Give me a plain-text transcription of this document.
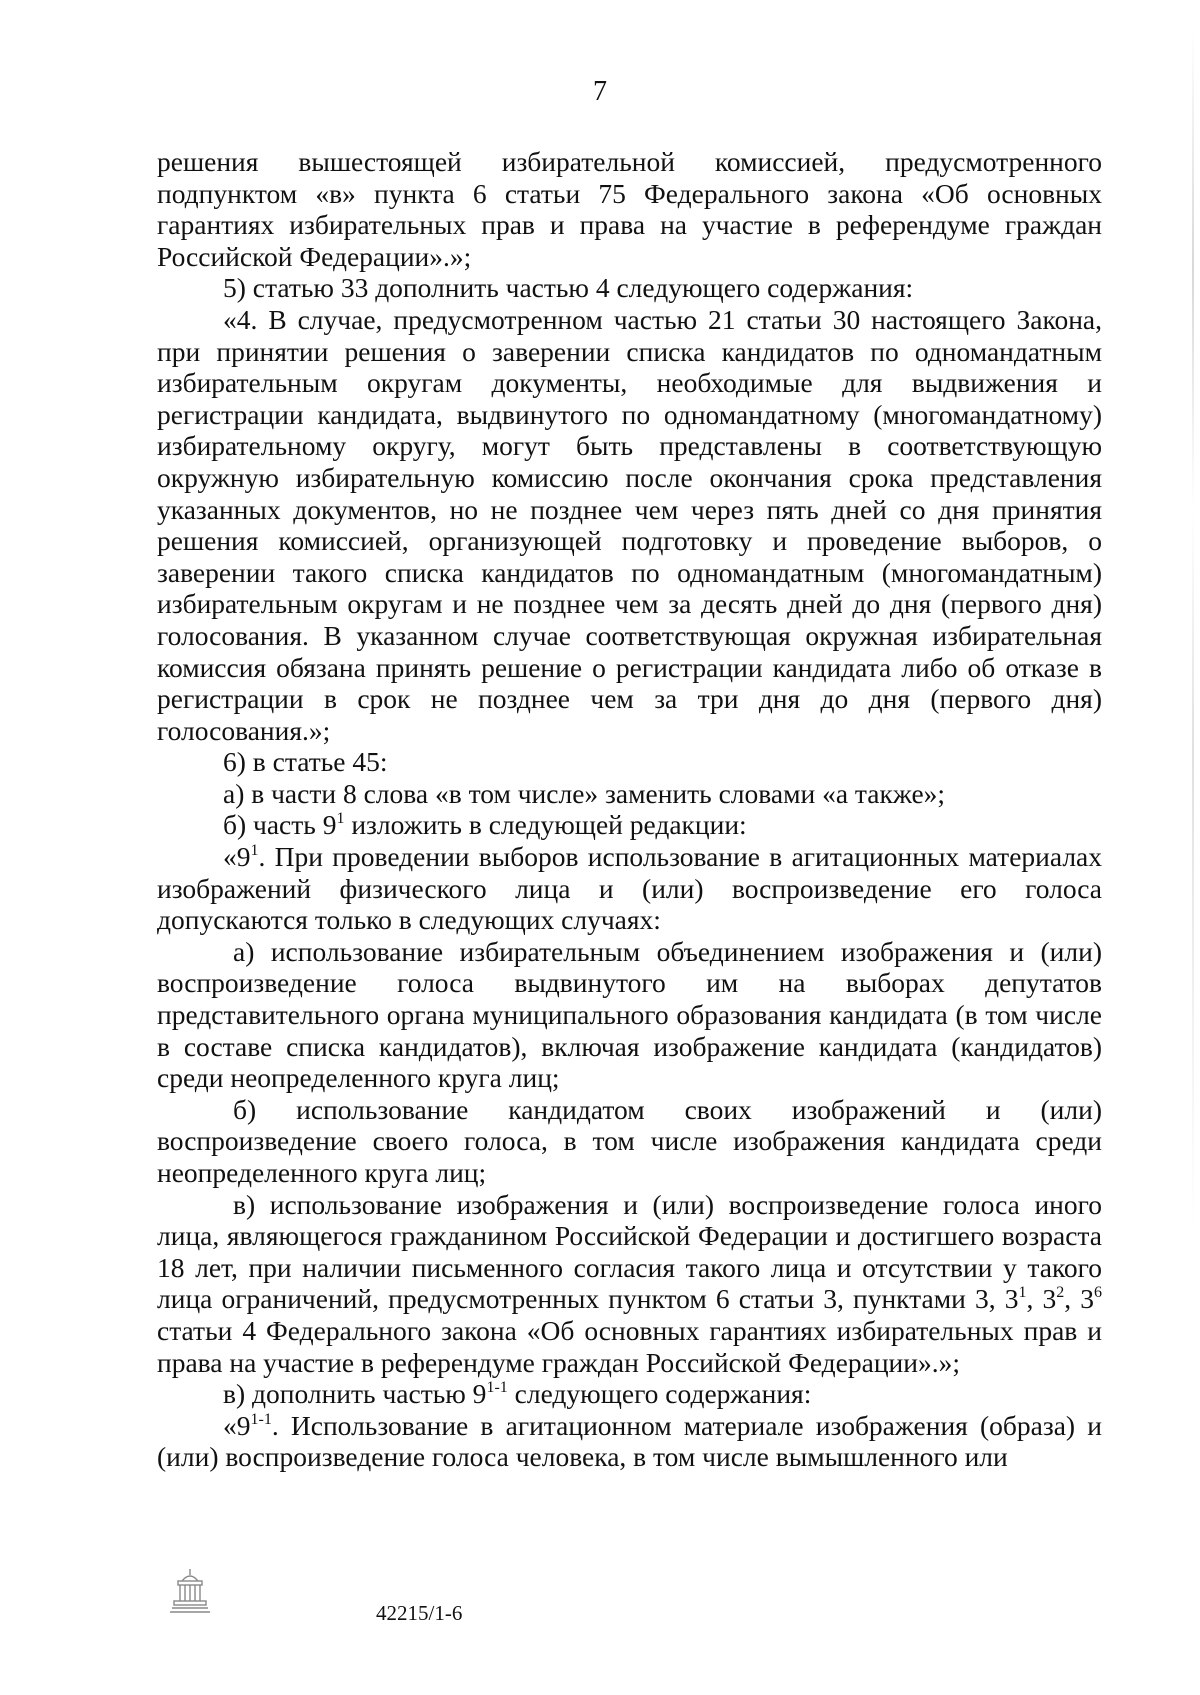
7

решения вышестоящей избирательной комиссией, предусмотренного подпунктом «в» пункта 6 статьи 75 Федерального закона «Об основных гарантиях избирательных прав и права на участие в референдуме граждан Российской Федерации».»;

5) статью 33 дополнить частью 4 следующего содержания:

«4. В случае, предусмотренном частью 21 статьи 30 настоящего Закона, при принятии решения о заверении списка кандидатов по одномандатным избирательным округам документы, необходимые для выдвижения и регистрации кандидата, выдвинутого по одномандатному (многомандатному) избирательному округу, могут быть представлены в соответствующую окружную избирательную комиссию после окончания срока представления указанных документов, но не позднее чем через пять дней со дня принятия решения комиссией, организующей подготовку и проведение выборов, о заверении такого списка кандидатов по одномандатным (многомандатным) избирательным округам и не позднее чем за десять дней до дня (первого дня) голосования. В указанном случае соответствующая окружная избирательная комиссия обязана принять решение о регистрации кандидата либо об отказе в регистрации в срок не позднее чем за три дня до дня (первого дня) голосования.»;

6) в статье 45:

а) в части 8 слова «в том числе» заменить словами «а также»;

б) часть $9^1$ изложить в следующей редакции:

«$9^1$. При проведении выборов использование в агитационных материалах изображений физического лица и (или) воспроизведение его голоса допускаются только в следующих случаях:

а) использование избирательным объединением изображения и (или) воспроизведение голоса выдвинутого им на выборах депутатов представительного органа муниципального образования кандидата (в том числе в составе списка кандидатов), включая изображение кандидата (кандидатов) среди неопределенного круга лиц;

б) использование кандидатом своих изображений и (или) воспроизведение своего голоса, в том числе изображения кандидата среди неопределенного круга лиц;

в) использование изображения и (или) воспроизведение голоса иного лица, являющегося гражданином Российской Федерации и достигшего возраста 18 лет, при наличии письменного согласия такого лица и отсутствии у такого лица ограничений, предусмотренных пунктом 6 статьи 3, пунктами 3, $3^1$, $3^2$, $3^6$ статьи 4 Федерального закона «Об основных гарантиях избирательных прав и права на участие в референдуме граждан Российской Федерации».»;

в) дополнить частью 9$^{1-1}$ следующего содержания:

«9$^{1-1}$. Использование в агитационном материале изображения (образа) и (или) воспроизведение голоса человека, в том числе вымышленного или

42215/1-6
